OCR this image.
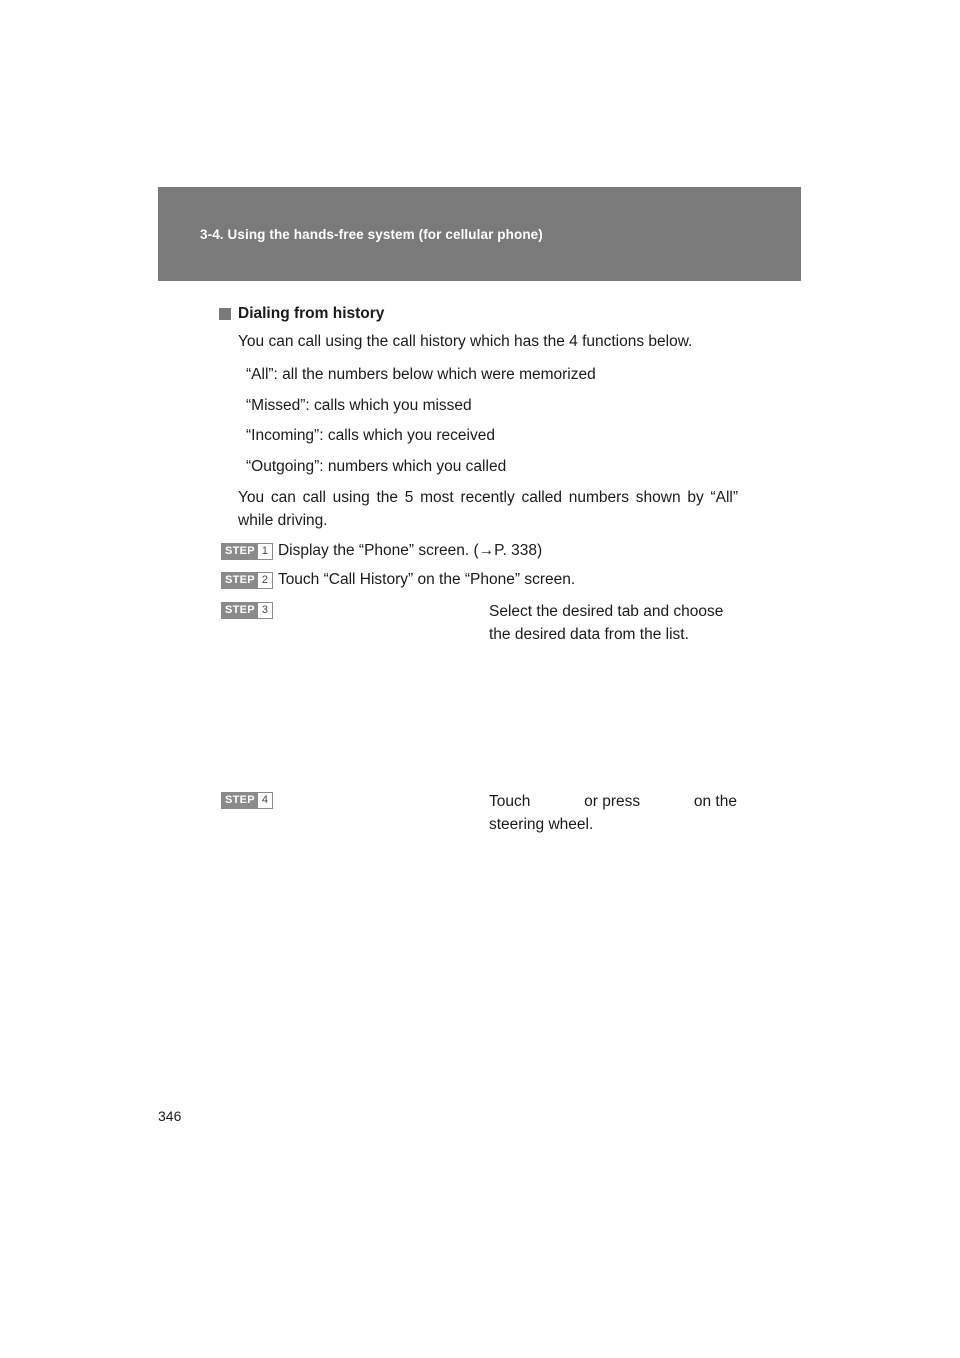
3-4. Using the hands-free system (for cellular phone)
Dialing from history
You can call using the call history which has the 4 functions below.
“All”: all the numbers below which were memorized
“Missed”: calls which you missed
“Incoming”: calls which you received
“Outgoing”: numbers which you called
You can call using the 5 most recently called numbers shown by “All” while driving.
STEP 1 Display the “Phone” screen. (→P. 338)
STEP 2 Touch “Call History” on the “Phone” screen.
STEP 3	Select the desired tab and choose the desired data from the list.
STEP 4	Touch	or press	on the
steering wheel.
346
